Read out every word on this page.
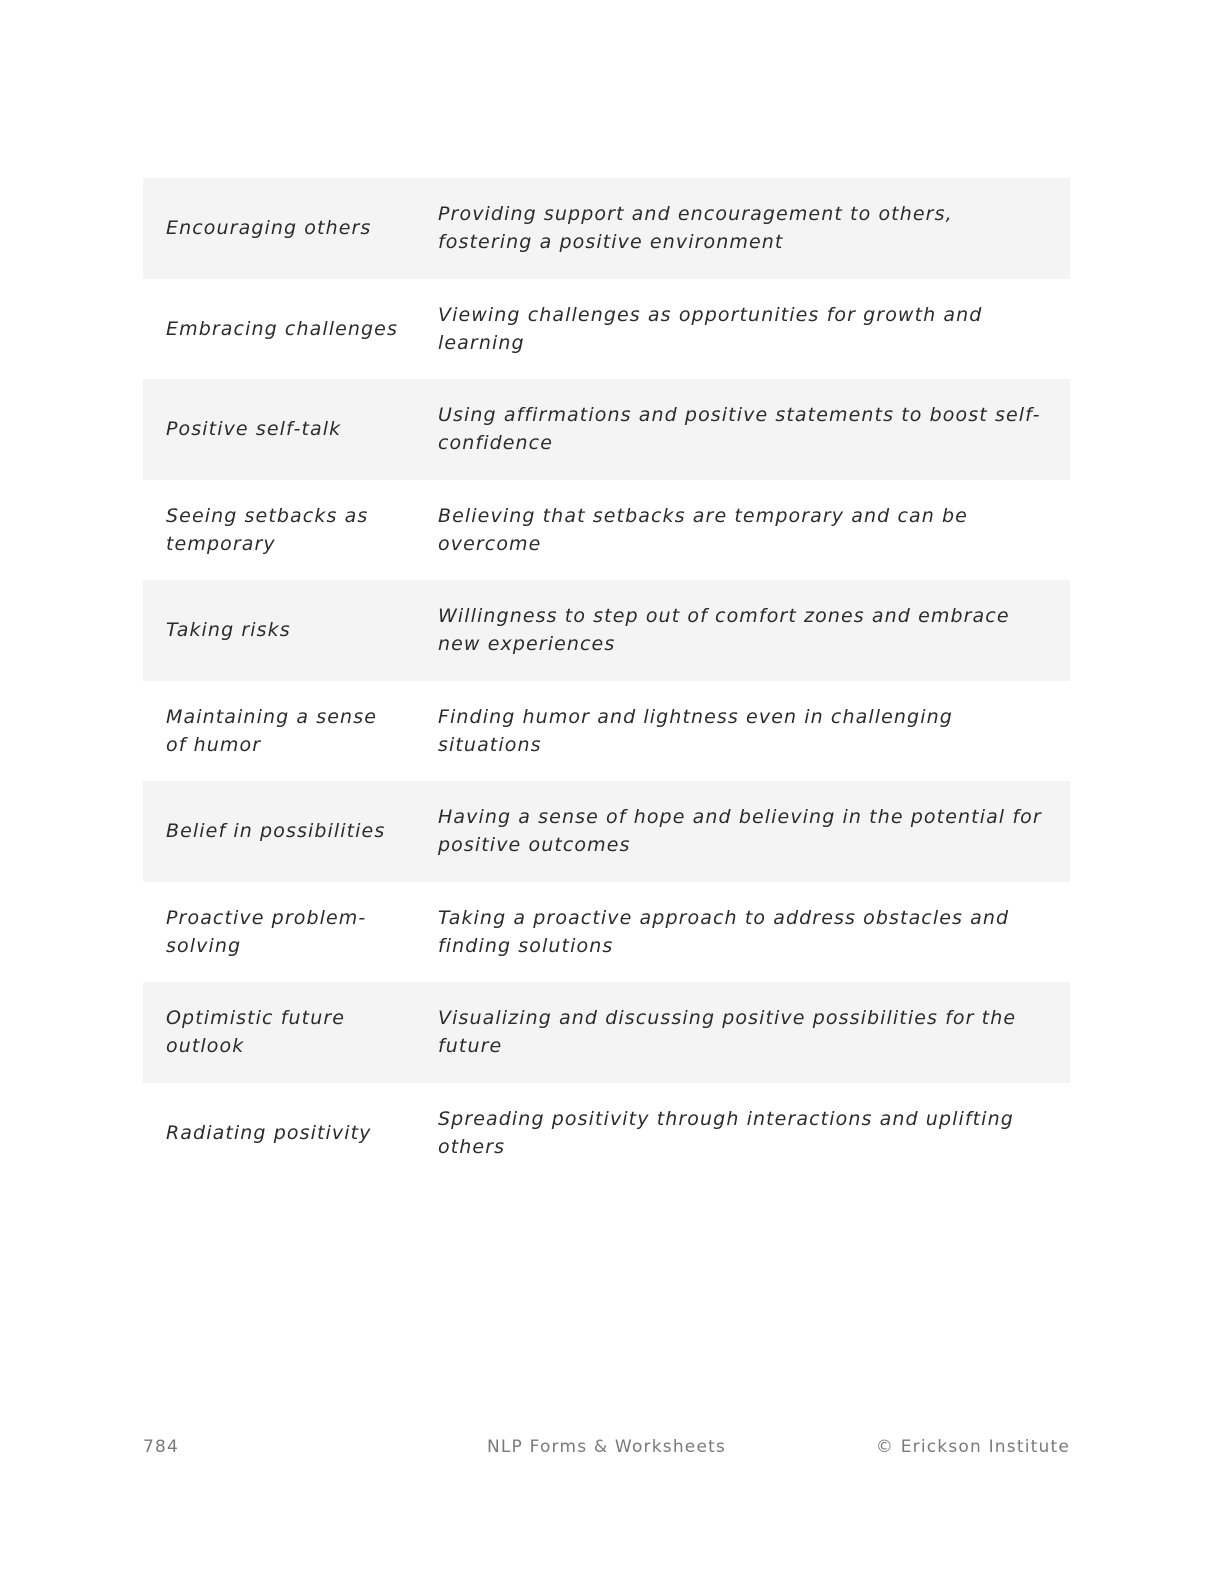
Encouraging others
Providing support and encouragement to others, fostering a positive environment
Embracing challenges
Viewing challenges as opportunities for growth and learning
Positive self-talk
Using affirmations and positive statements to boost self-confidence
Seeing setbacks as temporary
Believing that setbacks are temporary and can be overcome
Taking risks
Willingness to step out of comfort zones and embrace new experiences
Maintaining a sense of humor
Finding humor and lightness even in challenging situations
Belief in possibilities
Having a sense of hope and believing in the potential for positive outcomes
Proactive problem-solving
Taking a proactive approach to address obstacles and finding solutions
Optimistic future outlook
Visualizing and discussing positive possibilities for the future
Radiating positivity
Spreading positivity through interactions and uplifting others
784	NLP Forms & Worksheets	© Erickson Institute
